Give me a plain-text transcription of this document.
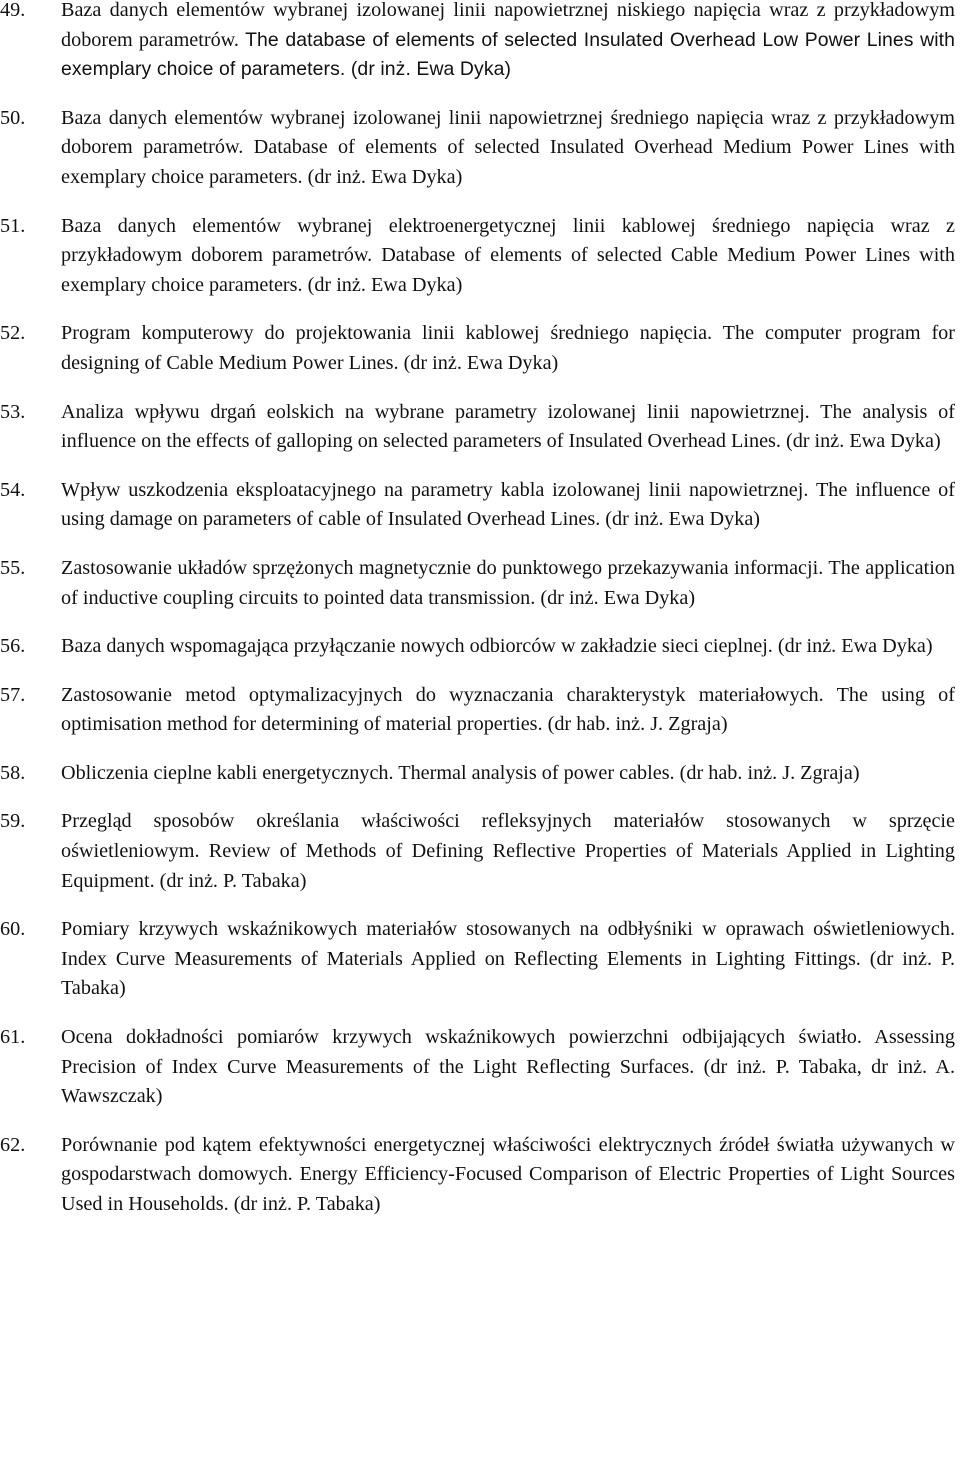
49.	Baza danych elementów wybranej izolowanej linii napowietrznej niskiego napięcia wraz z przykładowym doborem parametrów. The database of elements of selected Insulated Overhead Low Power Lines with exemplary choice of parameters. (dr inż. Ewa Dyka)
50.	Baza danych elementów wybranej izolowanej linii napowietrznej średniego napięcia wraz z przykładowym doborem parametrów. Database of elements of selected Insulated Overhead Medium Power Lines with exemplary choice parameters. (dr inż. Ewa Dyka)
51.	Baza danych elementów wybranej elektroenergetycznej linii kablowej średniego napięcia wraz z przykładowym doborem parametrów. Database of elements of selected Cable Medium Power Lines with exemplary choice parameters. (dr inż. Ewa Dyka)
52.	Program komputerowy do projektowania linii kablowej średniego napięcia. The computer program for designing of Cable Medium Power Lines. (dr inż. Ewa Dyka)
53.	Analiza wpływu drgań eolskich na wybrane parametry izolowanej linii napowietrznej. The analysis of influence on the effects of galloping on selected parameters of Insulated Overhead Lines. (dr inż. Ewa Dyka)
54.	Wpływ uszkodzenia eksploatacyjnego na parametry kabla izolowanej linii napowietrznej. The influence of using damage on parameters of cable of Insulated Overhead Lines. (dr inż. Ewa Dyka)
55.	Zastosowanie układów sprzężonych magnetycznie do punktowego przekazywania informacji. The application of inductive coupling circuits to pointed data transmission. (dr inż. Ewa Dyka)
56.	Baza danych wspomagająca przyłączanie nowych odbiorców w zakładzie sieci cieplnej. (dr inż. Ewa Dyka)
57.	Zastosowanie metod optymalizacyjnych do wyznaczania charakterystyk materiałowych. The using of optimisation method for determining of material properties. (dr hab. inż. J. Zgraja)
58.	Obliczenia cieplne kabli energetycznych. Thermal analysis of power cables. (dr hab. inż. J. Zgraja)
59.	Przegląd sposobów określania właściwości refleksyjnych materiałów stosowanych w sprzęcie oświetleniowym. Review of Methods of Defining Reflective Properties of Materials Applied in Lighting Equipment. (dr inż. P. Tabaka)
60.	Pomiary krzywych wskaźnikowych materiałów stosowanych na odbłyśniki w oprawach oświetleniowych. Index Curve Measurements of Materials Applied on Reflecting Elements in Lighting Fittings. (dr inż. P. Tabaka)
61.	Ocena dokładności pomiarów krzywych wskaźnikowych powierzchni odbijających światło. Assessing Precision of Index Curve Measurements of the Light Reflecting Surfaces. (dr inż. P. Tabaka, dr inż. A. Wawszczak)
62.	Porównanie pod kątem efektywności energetycznej właściwości elektrycznych źródeł światła używanych w gospodarstwach domowych. Energy Efficiency-Focused Comparison of Electric Properties of Light Sources Used in Households. (dr inż. P. Tabaka)
